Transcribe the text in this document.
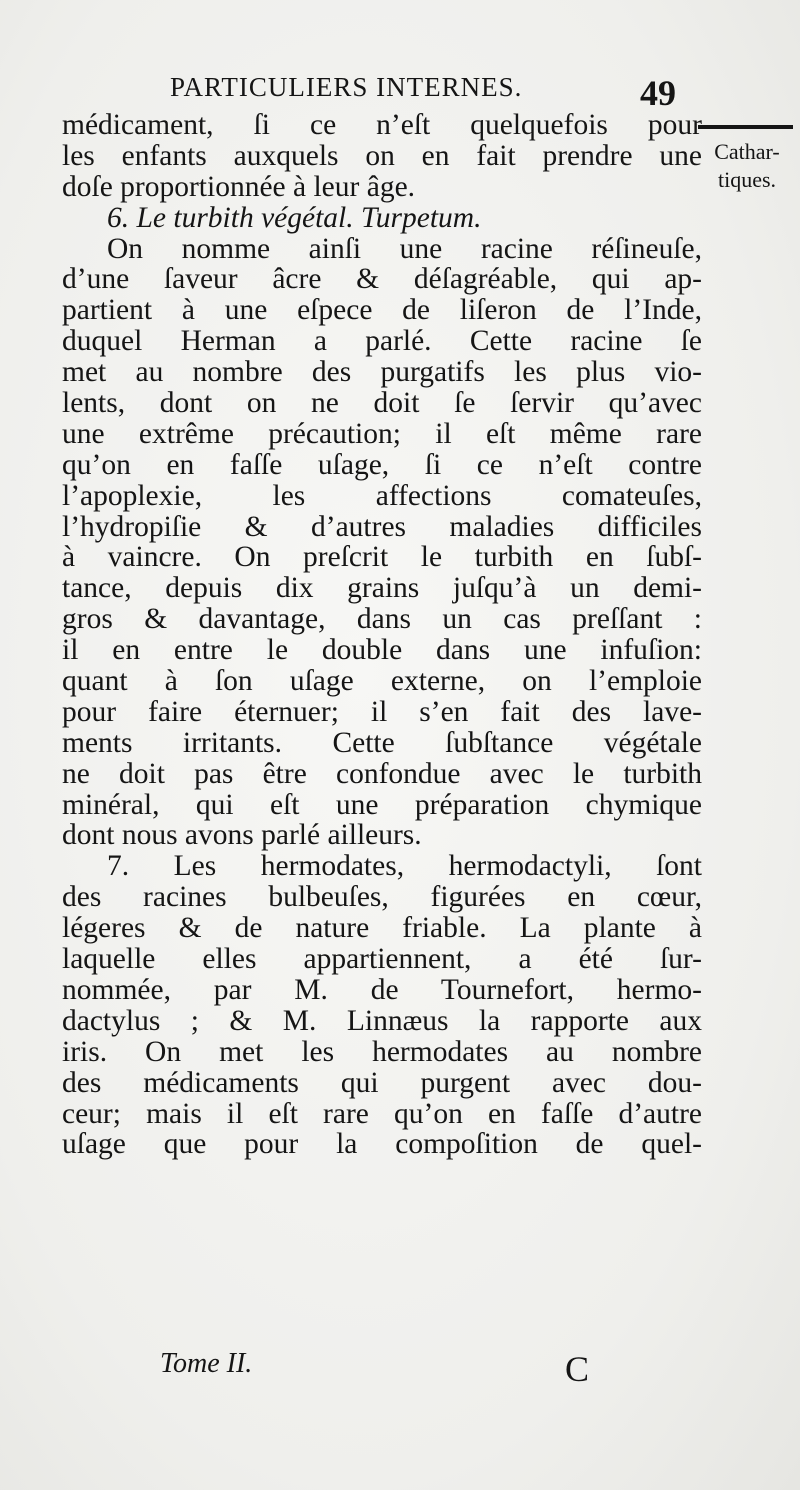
PARTICULIERS INTERNES.	49
Cathar-
tiques.
médicament, ſi ce n’eſt quelquefois pour
les enfants auxquels on en fait prendre une
doſe proportionnée à leur âge.
6. Le turbith végétal. Turpetum.
On nomme ainſi une racine réſineuſe,
d’une ſaveur âcre & déſagréable, qui ap-
partient à une eſpece de liſeron de l’Inde,
duquel Herman a parlé. Cette racine ſe
met au nombre des purgatifs les plus vio-
lents, dont on ne doit ſe ſervir qu’avec
une extrême précaution; il eſt même rare
qu’on en faſſe uſage, ſi ce n’eſt contre
l’apoplexie, les affections comateuſes,
l’hydropiſie & d’autres maladies difficiles
à vaincre. On preſcrit le turbith en ſubſ-
tance, depuis dix grains juſqu’à un demi-
gros & davantage, dans un cas preſſant :
il en entre le double dans une infuſion:
quant à ſon uſage externe, on l’emploie
pour faire éternuer; il s’en fait des lave-
ments irritants. Cette ſubſtance végétale
ne doit pas être confondue avec le turbith
minéral, qui eſt une préparation chymique
dont nous avons parlé ailleurs.
7. Les hermodates, hermodactyli, ſont
des racines bulbeuſes, figurées en cœur,
légeres & de nature friable. La plante à
laquelle elles appartiennent, a été ſur-
nommée, par M. de Tournefort, hermo-
dactylus ; & M. Linnæus la rapporte aux
iris. On met les hermodates au nombre
des médicaments qui purgent avec dou-
ceur; mais il eſt rare qu’on en faſſe d’autre
uſage que pour la compoſition de quel-
Tome II.	C
